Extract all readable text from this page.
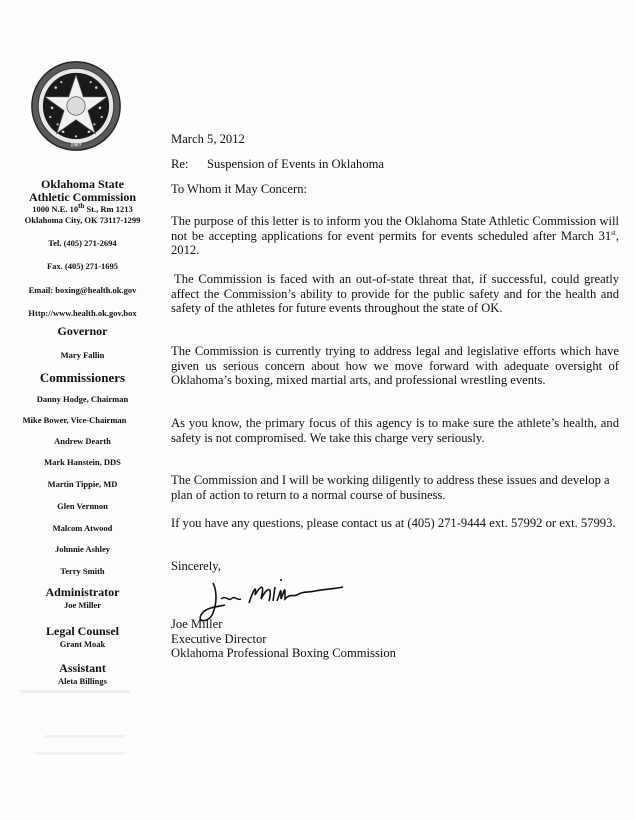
1907
Oklahoma State
Athletic Commission
1000 N.E. 10th St., Rm 1213
Oklahoma City, OK 73117-1299
Tel. (405) 271-2694
Fax. (405) 271-1695
Email: boxing@health.ok.gov
Http://www.health.ok.gov.box
Governor
Mary Fallin
Commissioners
Danny Hodge, Chairman
Mike Bower, Vice-Chairman
Andrew Dearth
Mark Hanstein, DDS
Martin Tippie, MD
Glen Vernnon
Malcom Atwood
Johnnie Ashley
Terry Smith
Administrator
Joe Miller
Legal Counsel
Grant Moak
Assistant
Aleta Billings
March 5, 2012
Re: Suspension of Events in Oklahoma
To Whom it May Concern:
The purpose of this letter is to inform you the Oklahoma State Athletic Commission will not be accepting applications for event permits for events scheduled after March 31st, 2012.
The Commission is faced with an out-of-state threat that, if successful, could greatly affect the Commission’s ability to provide for the public safety and for the health and safety of the athletes for future events throughout the state of OK.
The Commission is currently trying to address legal and legislative efforts which have given us serious concern about how we move forward with adequate oversight of Oklahoma’s boxing, mixed martial arts, and professional wrestling events.
As you know, the primary focus of this agency is to make sure the athlete’s health, and safety is not compromised. We take this charge very seriously.
The Commission and I will be working diligently to address these issues and develop a plan of action to return to a normal course of business.
If you have any questions, please contact us at (405) 271-9444 ext. 57992 or ext. 57993.
Sincerely,
Joe Miller
Executive Director
Oklahoma Professional Boxing Commission
